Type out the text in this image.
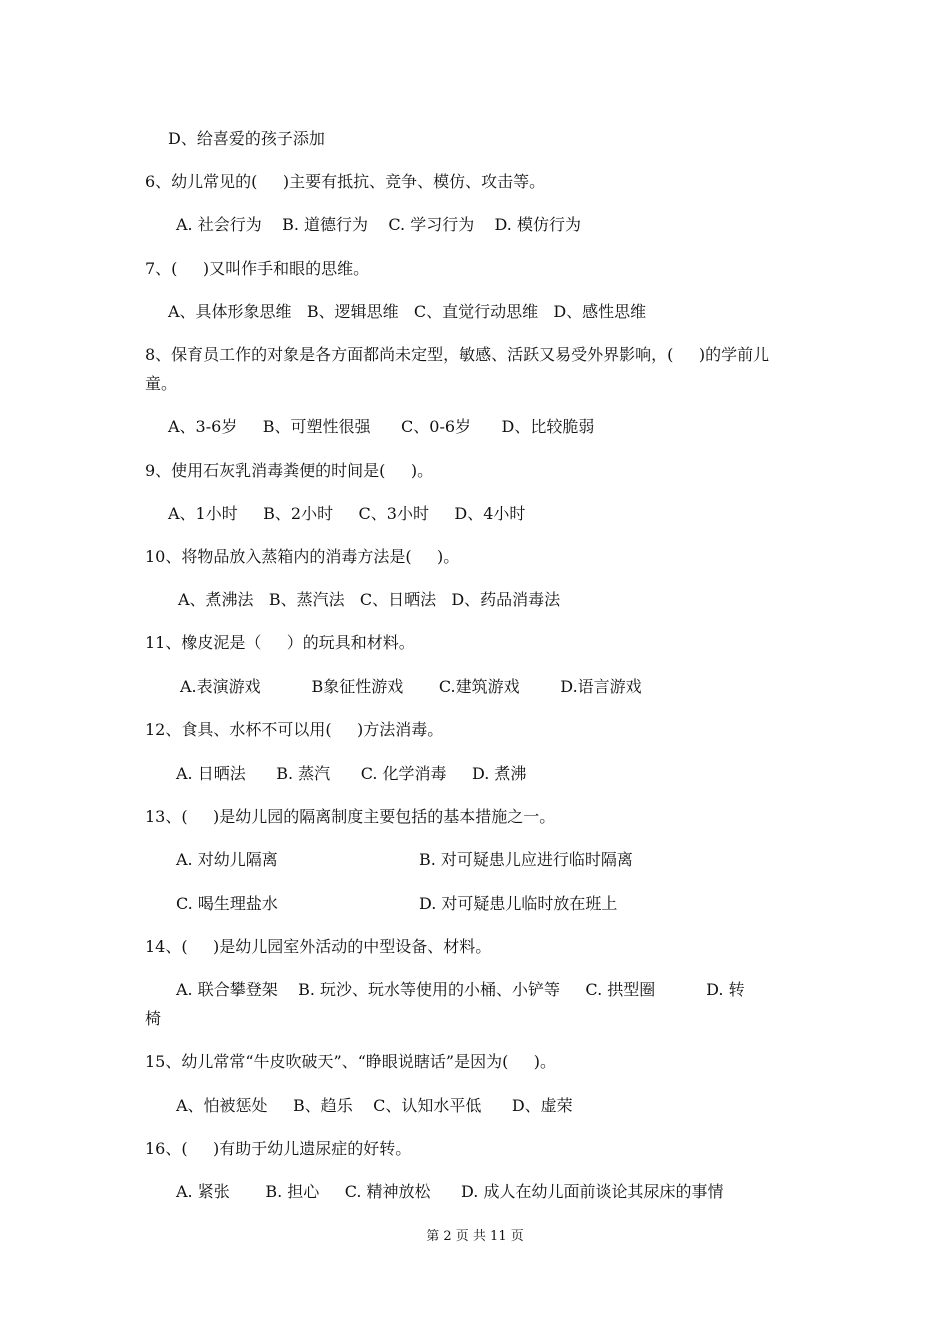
D、给喜爱的孩子添加
6、幼儿常见的(     )主要有抵抗、竞争、模仿、攻击等。
A. 社会行为    B. 道德行为    C. 学习行为    D. 模仿行为
7、(     )又叫作手和眼的思维。
A、具体形象思维   B、逻辑思维   C、直觉行动思维   D、感性思维
8、保育员工作的对象是各方面都尚未定型，敏感、活跃又易受外界影响，(     )的学前儿
童。
A、3-6岁     B、可塑性很强      C、0-6岁      D、比较脆弱
9、使用石灰乳消毒粪便的时间是(     )。
A、1小时     B、2小时     C、3小时     D、4小时
10、将物品放入蒸箱内的消毒方法是(     )。
A、煮沸法   B、蒸汽法   C、日晒法   D、药品消毒法
11、橡皮泥是（     ）的玩具和材料。
A.表演游戏          B象征性游戏       C.建筑游戏        D.语言游戏
12、食具、水杯不可以用(     )方法消毒。
A. 日晒法      B. 蒸汽      C. 化学消毒     D. 煮沸
13、(     )是幼儿园的隔离制度主要包括的基本措施之一。
A. 对幼儿隔离	B. 对可疑患儿应进行临时隔离
C. 喝生理盐水	D. 对可疑患儿临时放在班上
14、(     )是幼儿园室外活动的中型设备、材料。
A. 联合攀登架    B. 玩沙、玩水等使用的小桶、小铲等     C. 拱型圈          D. 转
椅
15、幼儿常常“牛皮吹破天”、“睁眼说瞎话”是因为(     )。
A、怕被惩处     B、趋乐    C、认知水平低      D、虚荣
16、(     )有助于幼儿遗尿症的好转。
A. 紧张       B. 担心     C. 精神放松      D. 成人在幼儿面前谈论其尿床的事情
第 2 页 共 11 页
